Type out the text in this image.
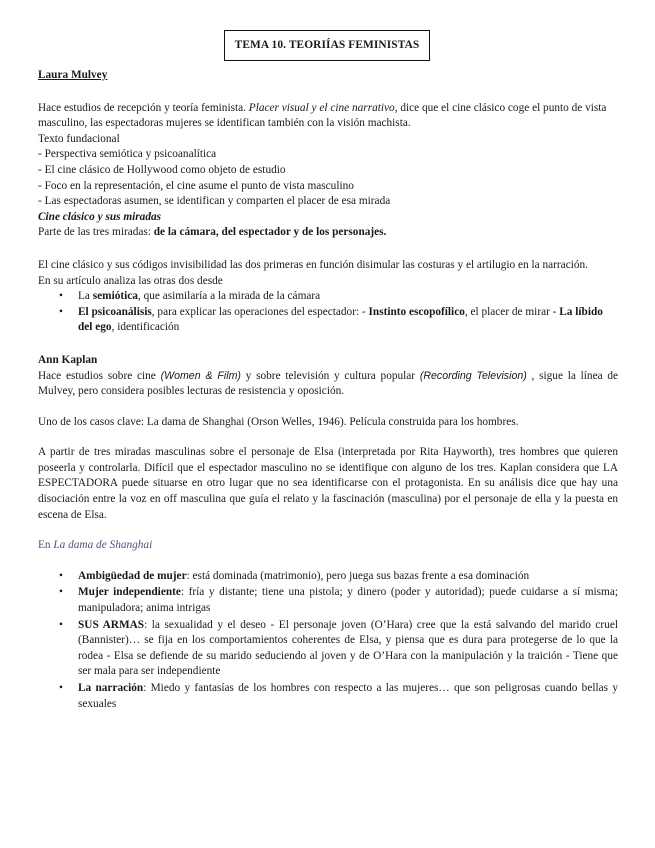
TEMA 10. TEORIÍAS FEMINISTAS

Laura Mulvey

Hace estudios de recepción y teoría feminista. Placer visual y el cine narrativo, dice que el cine clásico coge el punto de vista masculino, las espectadoras mujeres se identifican también con la visión machista.

Texto fundacional

- Perspectiva semiótica y psicoanalítica

- El cine clásico de Hollywood como objeto de estudio

- Foco en la representación, el cine asume el punto de vista masculino

- Las espectadoras asumen, se identifican y comparten el placer de esa mirada

Cine clásico y sus miradas

Parte de las tres miradas: de la cámara, del espectador y de los personajes.

El cine clásico y sus códigos invisibilidad las dos primeras en función disimular las costuras y el artilugio en la narración.

En su artículo analiza las otras dos desde

• La semiótica, que asimilaría a la mirada de la cámara
• El psicoanálisis, para explicar las operaciones del espectador: - Instinto escopofílico, el placer de mirar - La líbido del ego, identificación

Ann Kaplan

Hace estudios sobre cine (Women & Film) y sobre televisión y cultura popular (Recording Television) , sigue la línea de Mulvey, pero considera posibles lecturas de resistencia y oposición.

Uno de los casos clave: La dama de Shanghai (Orson Welles, 1946). Película construida para los hombres.

A partir de tres miradas masculinas sobre el personaje de Elsa (interpretada por Rita Hayworth), tres hombres que quieren poseerla y controlarla. Difícil que el espectador masculino no se identifique con alguno de los tres. Kaplan considera que LA ESPECTADORA puede situarse en otro lugar que no sea identificarse con el protagonista. En su análisis dice que hay una disociación entre la voz en off masculina que guía el relato y la fascinación (masculina) por el personaje de ella y la puesta en escena de Elsa.

En La dama de Shanghai

• Ambigüedad de mujer: está dominada (matrimonio), pero juega sus bazas frente a esa dominación
• Mujer independiente: fría y distante; tiene una pistola; y dinero (poder y autoridad); puede cuidarse a sí misma; manipuladora; anima intrigas
• SUS ARMAS: la sexualidad y el deseo - El personaje joven (O’Hara) cree que la está salvando del marido cruel (Bannister)… se fija en los comportamientos coherentes de Elsa, y piensa que es dura para protegerse de lo que la rodea - Elsa se defiende de su marido seduciendo al joven y de O’Hara con la manipulación y la traición - Tiene que ser mala para ser independiente
• La narración: Miedo y fantasías de los hombres con respecto a las mujeres… que son peligrosas cuando bellas y sexuales
